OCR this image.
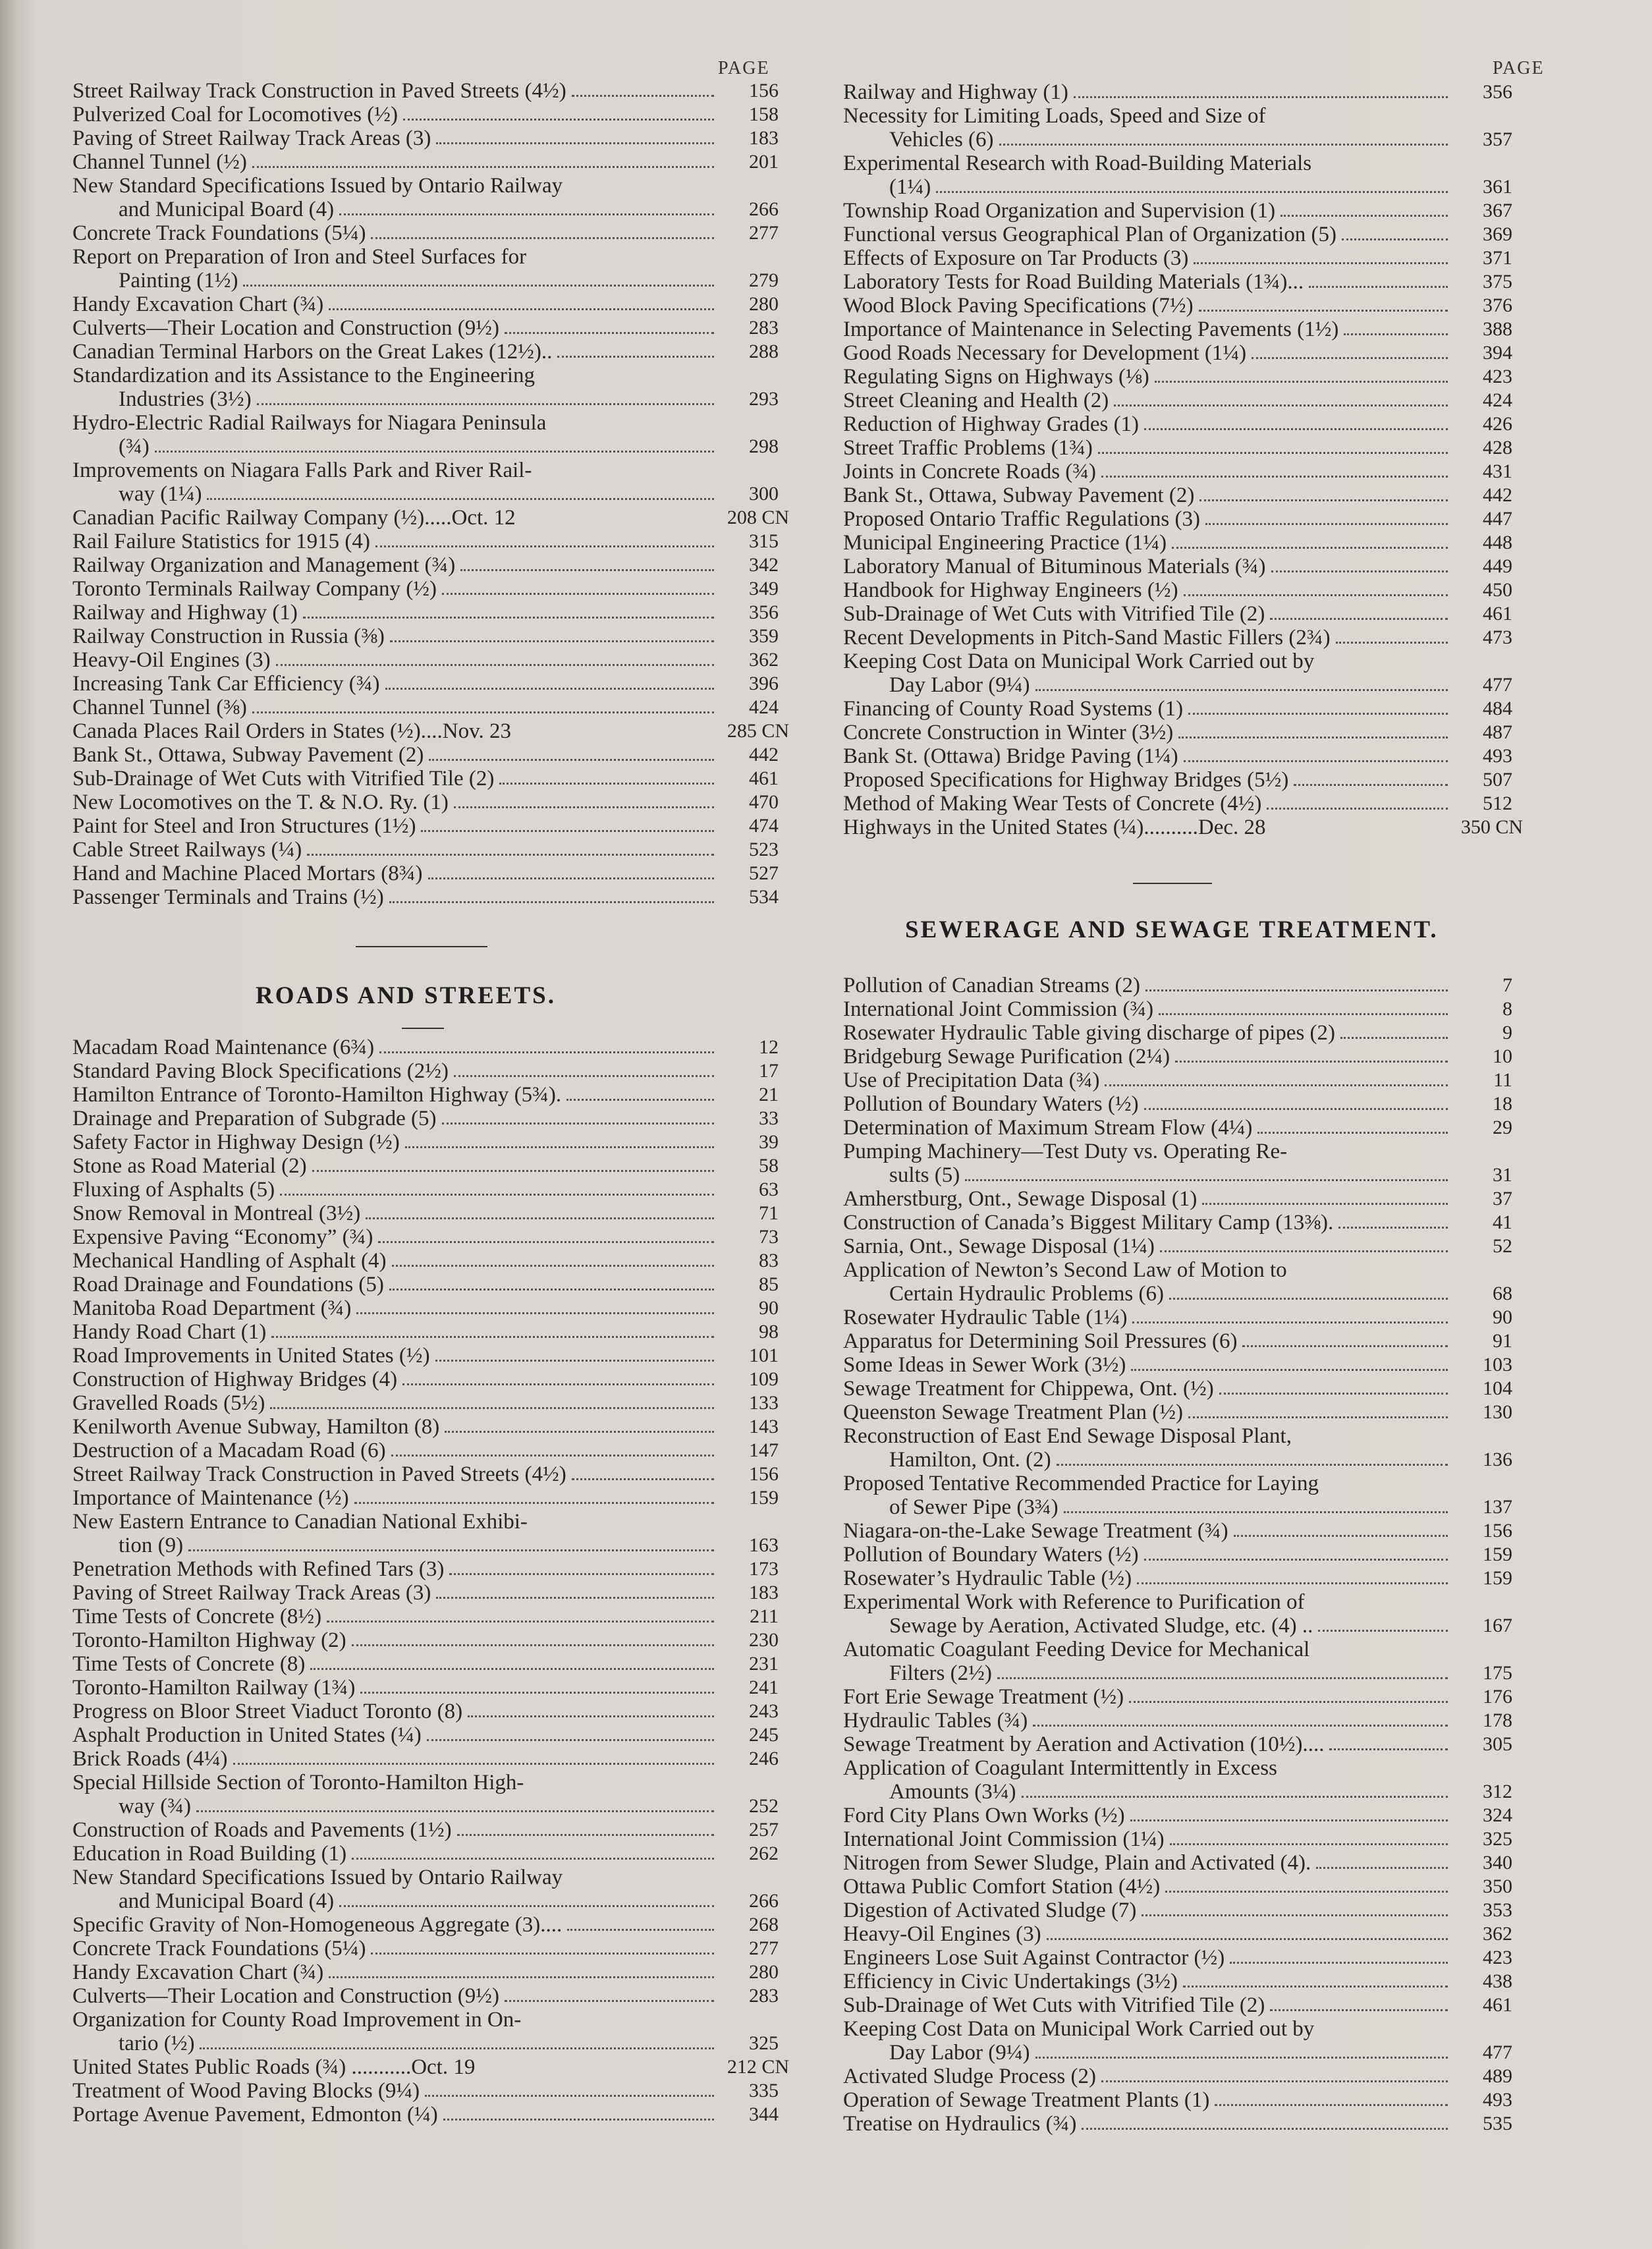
PAGE
Street Railway Track Construction in Paved Streets (4½)	156
Pulverized Coal for Locomotives (½)	158
Paving of Street Railway Track Areas (3)	183
Channel Tunnel (½)	201
New Standard Specifications Issued by Ontario Railway
and Municipal Board (4)	266
Concrete Track Foundations (5¼)	277
Report on Preparation of Iron and Steel Surfaces for
Painting (1½)	279
Handy Excavation Chart (¾)	280
Culverts—Their Location and Construction (9½)	283
Canadian Terminal Harbors on the Great Lakes (12½)..	288
Standardization and its Assistance to the Engineering
Industries (3½)	293
Hydro-Electric Radial Railways for Niagara Peninsula
(¾)	298
Improvements on Niagara Falls Park and River Rail-
way (1¼)	300
Canadian Pacific Railway Company (½).....Oct. 12	208 CN
Rail Failure Statistics for 1915 (4)	315
Railway Organization and Management (¾)	342
Toronto Terminals Railway Company (½)	349
Railway and Highway (1)	356
Railway Construction in Russia (⅜)	359
Heavy-Oil Engines (3)	362
Increasing Tank Car Efficiency (¾)	396
Channel Tunnel (⅜)	424
Canada Places Rail Orders in States (½)....Nov. 23	285 CN
Bank St., Ottawa, Subway Pavement (2)	442
Sub-Drainage of Wet Cuts with Vitrified Tile (2)	461
New Locomotives on the T. & N.O. Ry. (1)	470
Paint for Steel and Iron Structures (1½)	474
Cable Street Railways (¼)	523
Hand and Machine Placed Mortars (8¾)	527
Passenger Terminals and Trains (½)	534
ROADS AND STREETS.
Macadam Road Maintenance (6¾)	12
Standard Paving Block Specifications (2½)	17
Hamilton Entrance of Toronto-Hamilton Highway (5¾).	21
Drainage and Preparation of Subgrade (5)	33
Safety Factor in Highway Design (½)	39
Stone as Road Material (2)	58
Fluxing of Asphalts (5)	63
Snow Removal in Montreal (3½)	71
Expensive Paving “Economy” (¾)	73
Mechanical Handling of Asphalt (4)	83
Road Drainage and Foundations (5)	85
Manitoba Road Department (¾)	90
Handy Road Chart (1)	98
Road Improvements in United States (½)	101
Construction of Highway Bridges (4)	109
Gravelled Roads (5½)	133
Kenilworth Avenue Subway, Hamilton (8)	143
Destruction of a Macadam Road (6)	147
Street Railway Track Construction in Paved Streets (4½)	156
Importance of Maintenance (½)	159
New Eastern Entrance to Canadian National Exhibi-
tion (9)	163
Penetration Methods with Refined Tars (3)	173
Paving of Street Railway Track Areas (3)	183
Time Tests of Concrete (8½)	211
Toronto-Hamilton Highway (2)	230
Time Tests of Concrete (8)	231
Toronto-Hamilton Railway (1¾)	241
Progress on Bloor Street Viaduct Toronto (8)	243
Asphalt Production in United States (¼)	245
Brick Roads (4¼)	246
Special Hillside Section of Toronto-Hamilton High-
way (¾)	252
Construction of Roads and Pavements (1½)	257
Education in Road Building (1)	262
New Standard Specifications Issued by Ontario Railway
and Municipal Board (4)	266
Specific Gravity of Non-Homogeneous Aggregate (3)....	268
Concrete Track Foundations (5¼)	277
Handy Excavation Chart (¾)	280
Culverts—Their Location and Construction (9½)	283
Organization for County Road Improvement in On-
tario (½)	325
United States Public Roads (¾) ...........Oct. 19	212 CN
Treatment of Wood Paving Blocks (9¼)	335
Portage Avenue Pavement, Edmonton (¼)	344
PAGE
Railway and Highway (1)	356
Necessity for Limiting Loads, Speed and Size of
Vehicles (6)	357
Experimental Research with Road-Building Materials
(1¼)	361
Township Road Organization and Supervision (1)	367
Functional versus Geographical Plan of Organization (5)	369
Effects of Exposure on Tar Products (3)	371
Laboratory Tests for Road Building Materials (1¾)...	375
Wood Block Paving Specifications (7½)	376
Importance of Maintenance in Selecting Pavements (1½)	388
Good Roads Necessary for Development (1¼)	394
Regulating Signs on Highways (⅛)	423
Street Cleaning and Health (2)	424
Reduction of Highway Grades (1)	426
Street Traffic Problems (1¾)	428
Joints in Concrete Roads (¾)	431
Bank St., Ottawa, Subway Pavement (2)	442
Proposed Ontario Traffic Regulations (3)	447
Municipal Engineering Practice (1¼)	448
Laboratory Manual of Bituminous Materials (¾)	449
Handbook for Highway Engineers (½)	450
Sub-Drainage of Wet Cuts with Vitrified Tile (2)	461
Recent Developments in Pitch-Sand Mastic Fillers (2¾)	473
Keeping Cost Data on Municipal Work Carried out by
Day Labor (9¼)	477
Financing of County Road Systems (1)	484
Concrete Construction in Winter (3½)	487
Bank St. (Ottawa) Bridge Paving (1¼)	493
Proposed Specifications for Highway Bridges (5½)	507
Method of Making Wear Tests of Concrete (4½)	512
Highways in the United States (¼)..........Dec. 28	350 CN
SEWERAGE AND SEWAGE TREATMENT.
Pollution of Canadian Streams (2)	7
International Joint Commission (¾)	8
Rosewater Hydraulic Table giving discharge of pipes (2)	9
Bridgeburg Sewage Purification (2¼)	10
Use of Precipitation Data (¾)	11
Pollution of Boundary Waters (½)	18
Determination of Maximum Stream Flow (4¼)	29
Pumping Machinery—Test Duty vs. Operating Re-
sults (5)	31
Amherstburg, Ont., Sewage Disposal (1)	37
Construction of Canada’s Biggest Military Camp (13⅜).	41
Sarnia, Ont., Sewage Disposal (1¼)	52
Application of Newton’s Second Law of Motion to
Certain Hydraulic Problems (6)	68
Rosewater Hydraulic Table (1¼)	90
Apparatus for Determining Soil Pressures (6)	91
Some Ideas in Sewer Work (3½)	103
Sewage Treatment for Chippewa, Ont. (½)	104
Queenston Sewage Treatment Plan (½)	130
Reconstruction of East End Sewage Disposal Plant,
Hamilton, Ont. (2)	136
Proposed Tentative Recommended Practice for Laying
of Sewer Pipe (3¾)	137
Niagara-on-the-Lake Sewage Treatment (¾)	156
Pollution of Boundary Waters (½)	159
Rosewater’s Hydraulic Table (½)	159
Experimental Work with Reference to Purification of
Sewage by Aeration, Activated Sludge, etc. (4) ..	167
Automatic Coagulant Feeding Device for Mechanical
Filters (2½)	175
Fort Erie Sewage Treatment (½)	176
Hydraulic Tables (¾)	178
Sewage Treatment by Aeration and Activation (10½)....	305
Application of Coagulant Intermittently in Excess
Amounts (3¼)	312
Ford City Plans Own Works (½)	324
International Joint Commission (1¼)	325
Nitrogen from Sewer Sludge, Plain and Activated (4).	340
Ottawa Public Comfort Station (4½)	350
Digestion of Activated Sludge (7)	353
Heavy-Oil Engines (3)	362
Engineers Lose Suit Against Contractor (½)	423
Efficiency in Civic Undertakings (3½)	438
Sub-Drainage of Wet Cuts with Vitrified Tile (2)	461
Keeping Cost Data on Municipal Work Carried out by
Day Labor (9¼)	477
Activated Sludge Process (2)	489
Operation of Sewage Treatment Plants (1)	493
Treatise on Hydraulics (¾)	535
